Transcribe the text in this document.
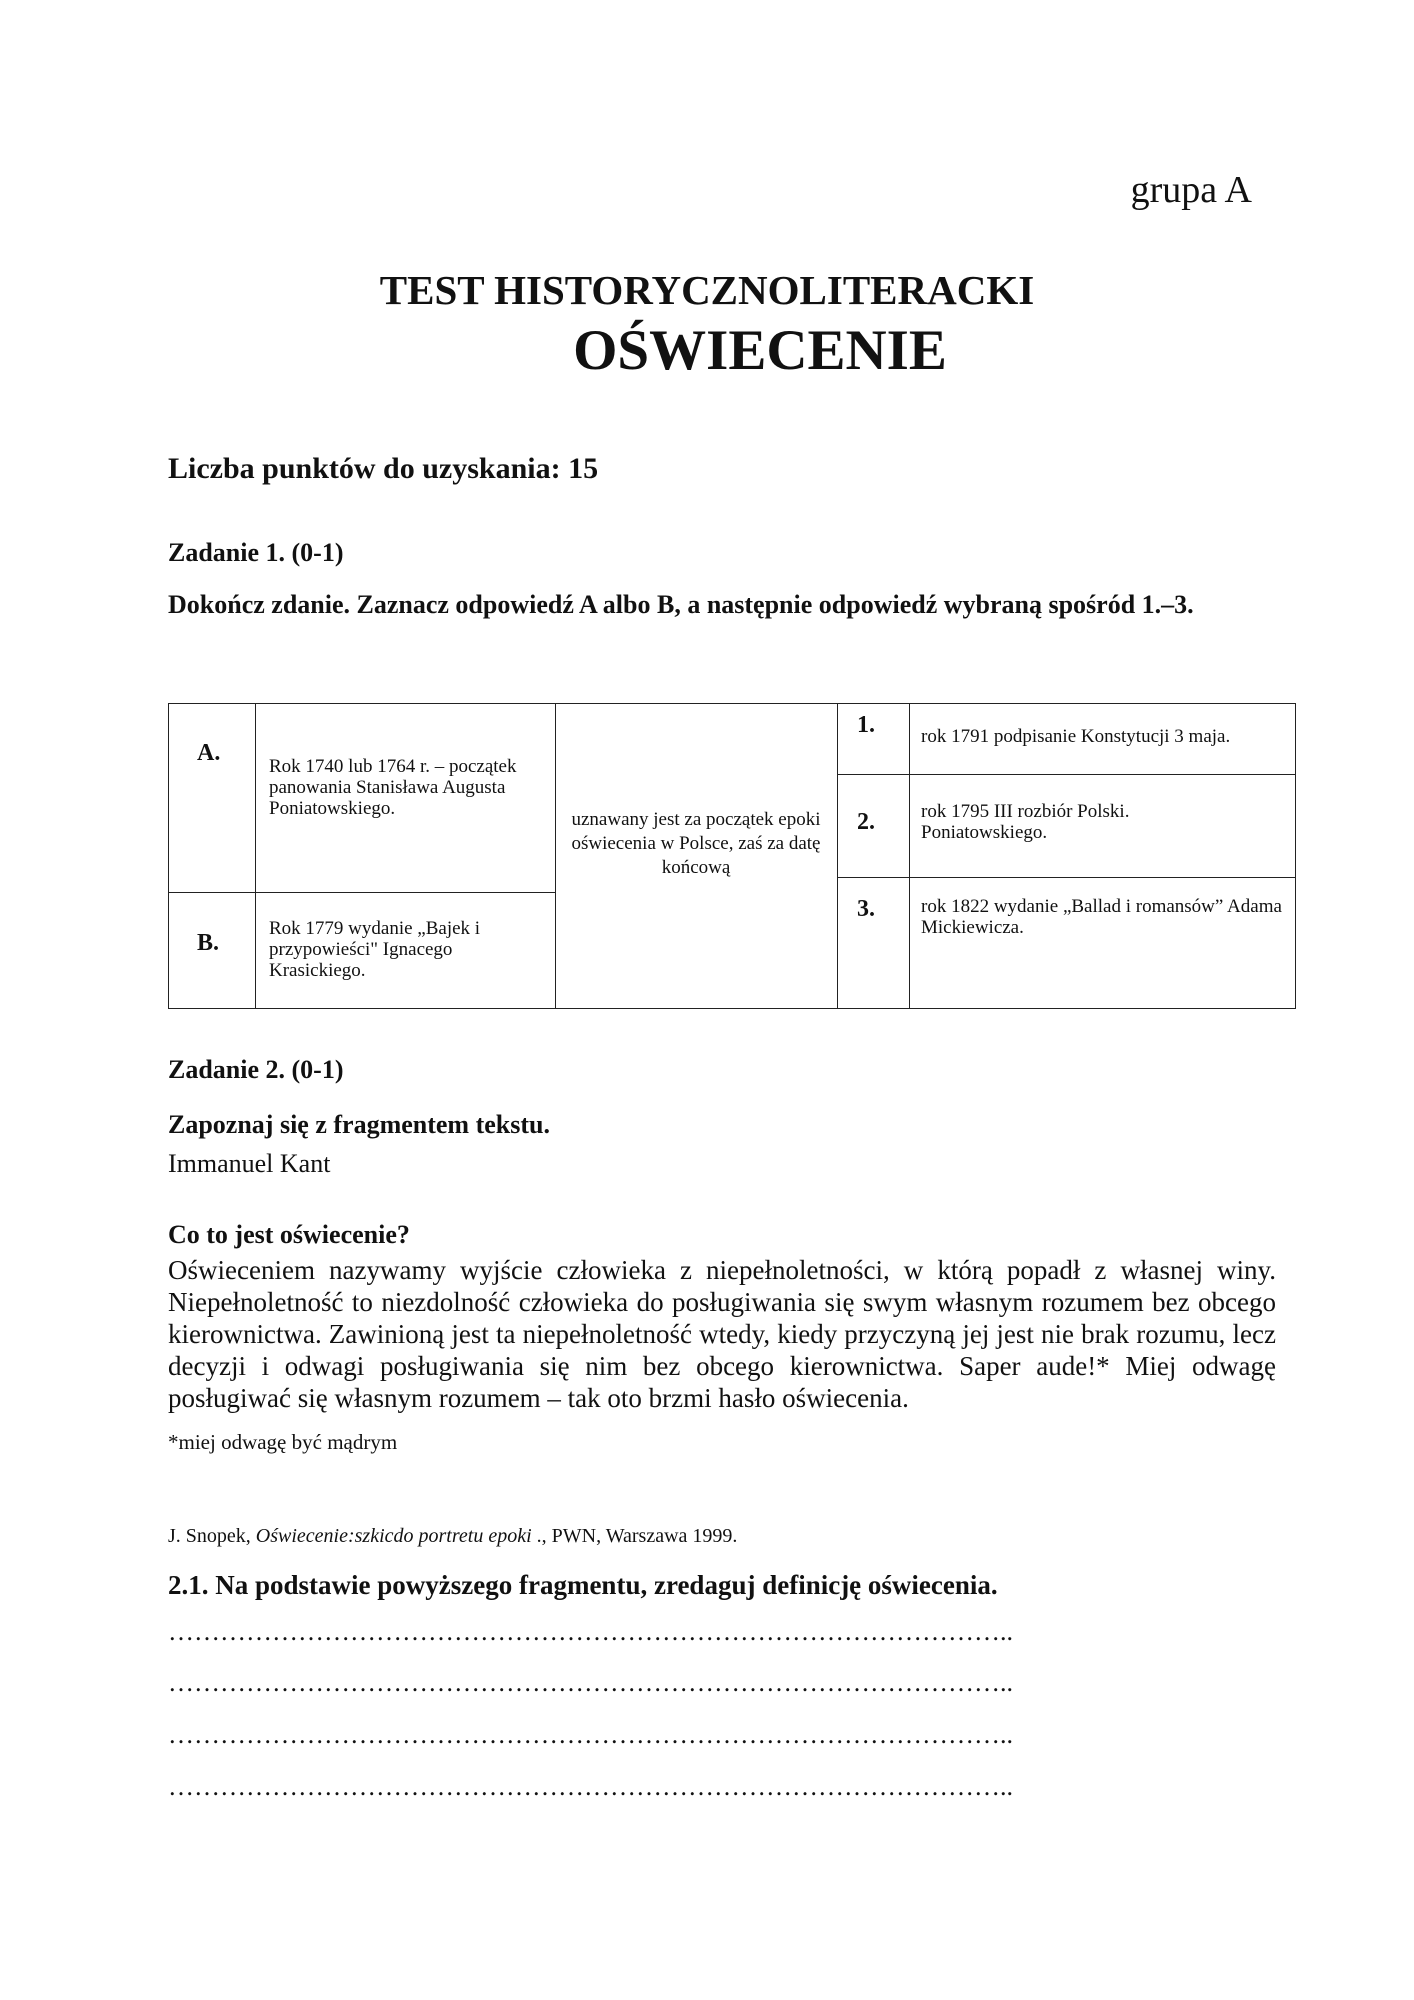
grupa A
TEST HISTORYCZNOLITERACKI
OŚWIECENIE
Liczba punktów do uzyskania: 15
Zadanie 1. (0-1)
Dokończ zdanie. Zaznacz odpowiedź A albo B, a następnie odpowiedź wybraną spośród 1.–3.
A.
Rok 1740 lub 1764 r. – początek panowania Stanisława Augusta Poniatowskiego.
B.
Rok 1779 wydanie „Bajek i przypowieści" Ignacego Krasickiego.
uznawany jest za początek epoki oświecenia w Polsce, zaś za datę końcową
1. rok 1791 podpisanie Konstytucji 3 maja.
2. rok 1795 III rozbiór Polski. Poniatowskiego.
3. rok 1822 wydanie „Ballad i romansów” Adama Mickiewicza.
Zadanie 2. (0-1)
Zapoznaj się z fragmentem tekstu.
Immanuel Kant
Co to jest oświecenie?
Oświeceniem nazywamy wyjście człowieka z niepełnoletności, w którą popadł z własnej winy. Niepełnoletność to niezdolność człowieka do posługiwania się swym własnym rozumem bez obcego kierownictwa. Zawinioną jest ta niepełnoletność wtedy, kiedy przyczyną jej jest nie brak rozumu, lecz decyzji i odwagi posługiwania się nim bez obcego kierownictwa. Saper aude!* Miej odwagę posługiwać się własnym rozumem – tak oto brzmi hasło oświecenia.
*miej odwagę być mądrym
J. Snopek, Oświecenie:szkicdo portretu epoki ., PWN, Warszawa 1999.
2.1. Na podstawie powyższego fragmentu, zredaguj definicję oświecenia.
……………………………………………………………………………………..
……………………………………………………………………………………..
……………………………………………………………………………………..
……………………………………………………………………………………..
